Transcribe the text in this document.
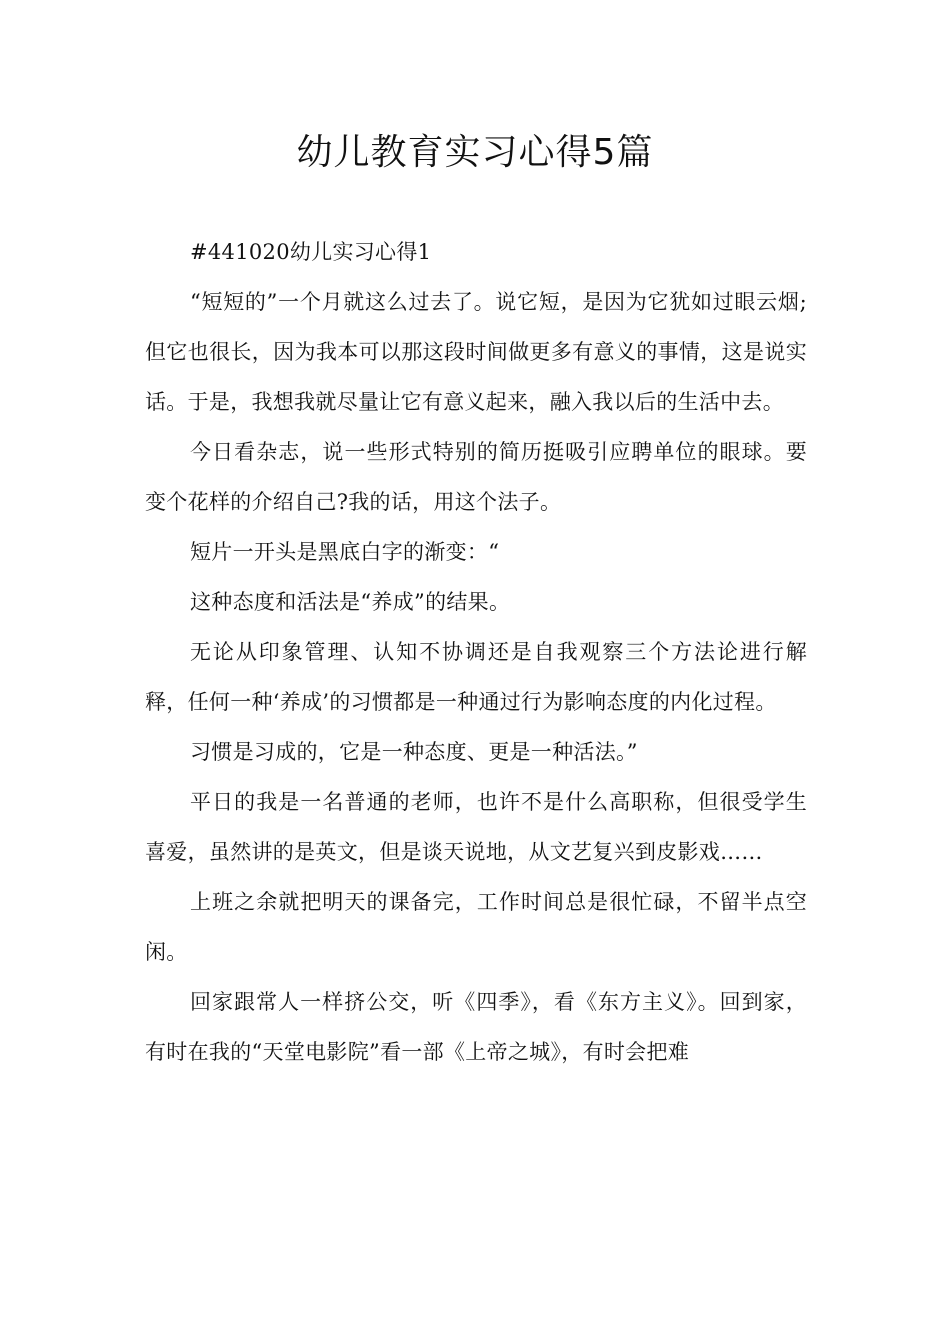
幼儿教育实习心得5篇

#441020幼儿实习心得1

“短短的”一个月就这么过去了。说它短，是因为它犹如过眼云烟;但它也很长，因为我本可以那这段时间做更多有意义的事情，这是说实话。于是，我想我就尽量让它有意义起来，融入我以后的生活中去。

今日看杂志，说一些形式特别的简历挺吸引应聘单位的眼球。要变个花样的介绍自己?我的话，用这个法子。

短片一开头是黑底白字的渐变：“

这种态度和活法是“养成”的结果。

无论从印象管理、认知不协调还是自我观察三个方法论进行解释，任何一种‘养成’的习惯都是一种通过行为影响态度的内化过程。

习惯是习成的，它是一种态度、更是一种活法。”

平日的我是一名普通的老师，也许不是什么高职称，但很受学生喜爱，虽然讲的是英文，但是谈天说地，从文艺复兴到皮影戏……

上班之余就把明天的课备完，工作时间总是很忙碌，不留半点空闲。

回家跟常人一样挤公交，听《四季》，看《东方主义》。回到家，有时在我的“天堂电影院”看一部《上帝之城》，有时会把难
